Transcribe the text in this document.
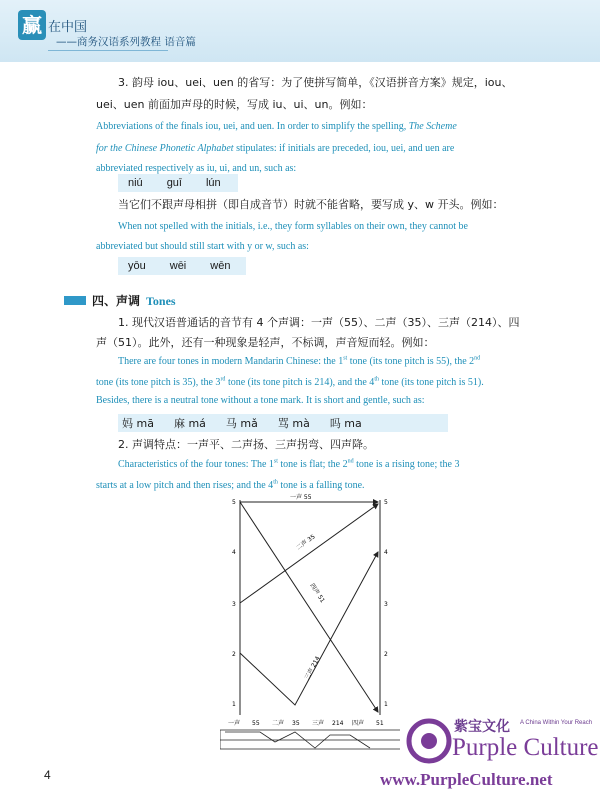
赢 在中国
——商务汉语系列教程 语音篇
3. 韵母 iou、uei、uen 的省写：为了使拼写简单，《汉语拼音方案》规定，iou、
uei、uen 前面加声母的时候，写成 iu、ui、un。例如：
Abbreviations of the finals iou, uei, and uen. In order to simplify the spelling, The Scheme
for the Chinese Phonetic Alphabet stipulates: if initials are preceded, iou, uei, and uen are
abbreviated respectively as iu, ui, and un, such as:
niú guī lún
当它们不跟声母相拼（即自成音节）时就不能省略，要写成 y、w 开头。例如：
When not spelled with the initials, i.e., they form syllables on their own, they cannot be
abbreviated but should still start with y or w, such as:
yōu wēi wēn
四、声调 Tones
1. 现代汉语普通话的音节有 4 个声调：一声（55）、二声（35）、三声（214）、四
声（51）。此外，还有一种现象是轻声，不标调，声音短而轻。例如：
There are four tones in modern Mandarin Chinese: the 1st tone (its tone pitch is 55), the 2nd
tone (its tone pitch is 35), the 3rd tone (its tone pitch is 214), and the 4th tone (its tone pitch is 51).
Besides, there is a neutral tone without a tone mark. It is short and gentle, such as:
妈 mā 麻 má 马 mǎ 骂 mà 吗 ma
2. 声调特点：一声平、二声扬、三声拐弯、四声降。
Characteristics of the four tones: The 1st tone is flat; the 2nd tone is a rising tone; the 3
starts at a low pitch and then rises; and the 4th tone is a falling tone.
5
4
3
2
1
5
4
3
2
1
一声 55
二声 35
三声 214
四声 51
一声 55 二声 35 三声 214 四声 51
4
紫宝文化 A China Within Your Reach
Purple Culture
www.PurpleCulture.net
